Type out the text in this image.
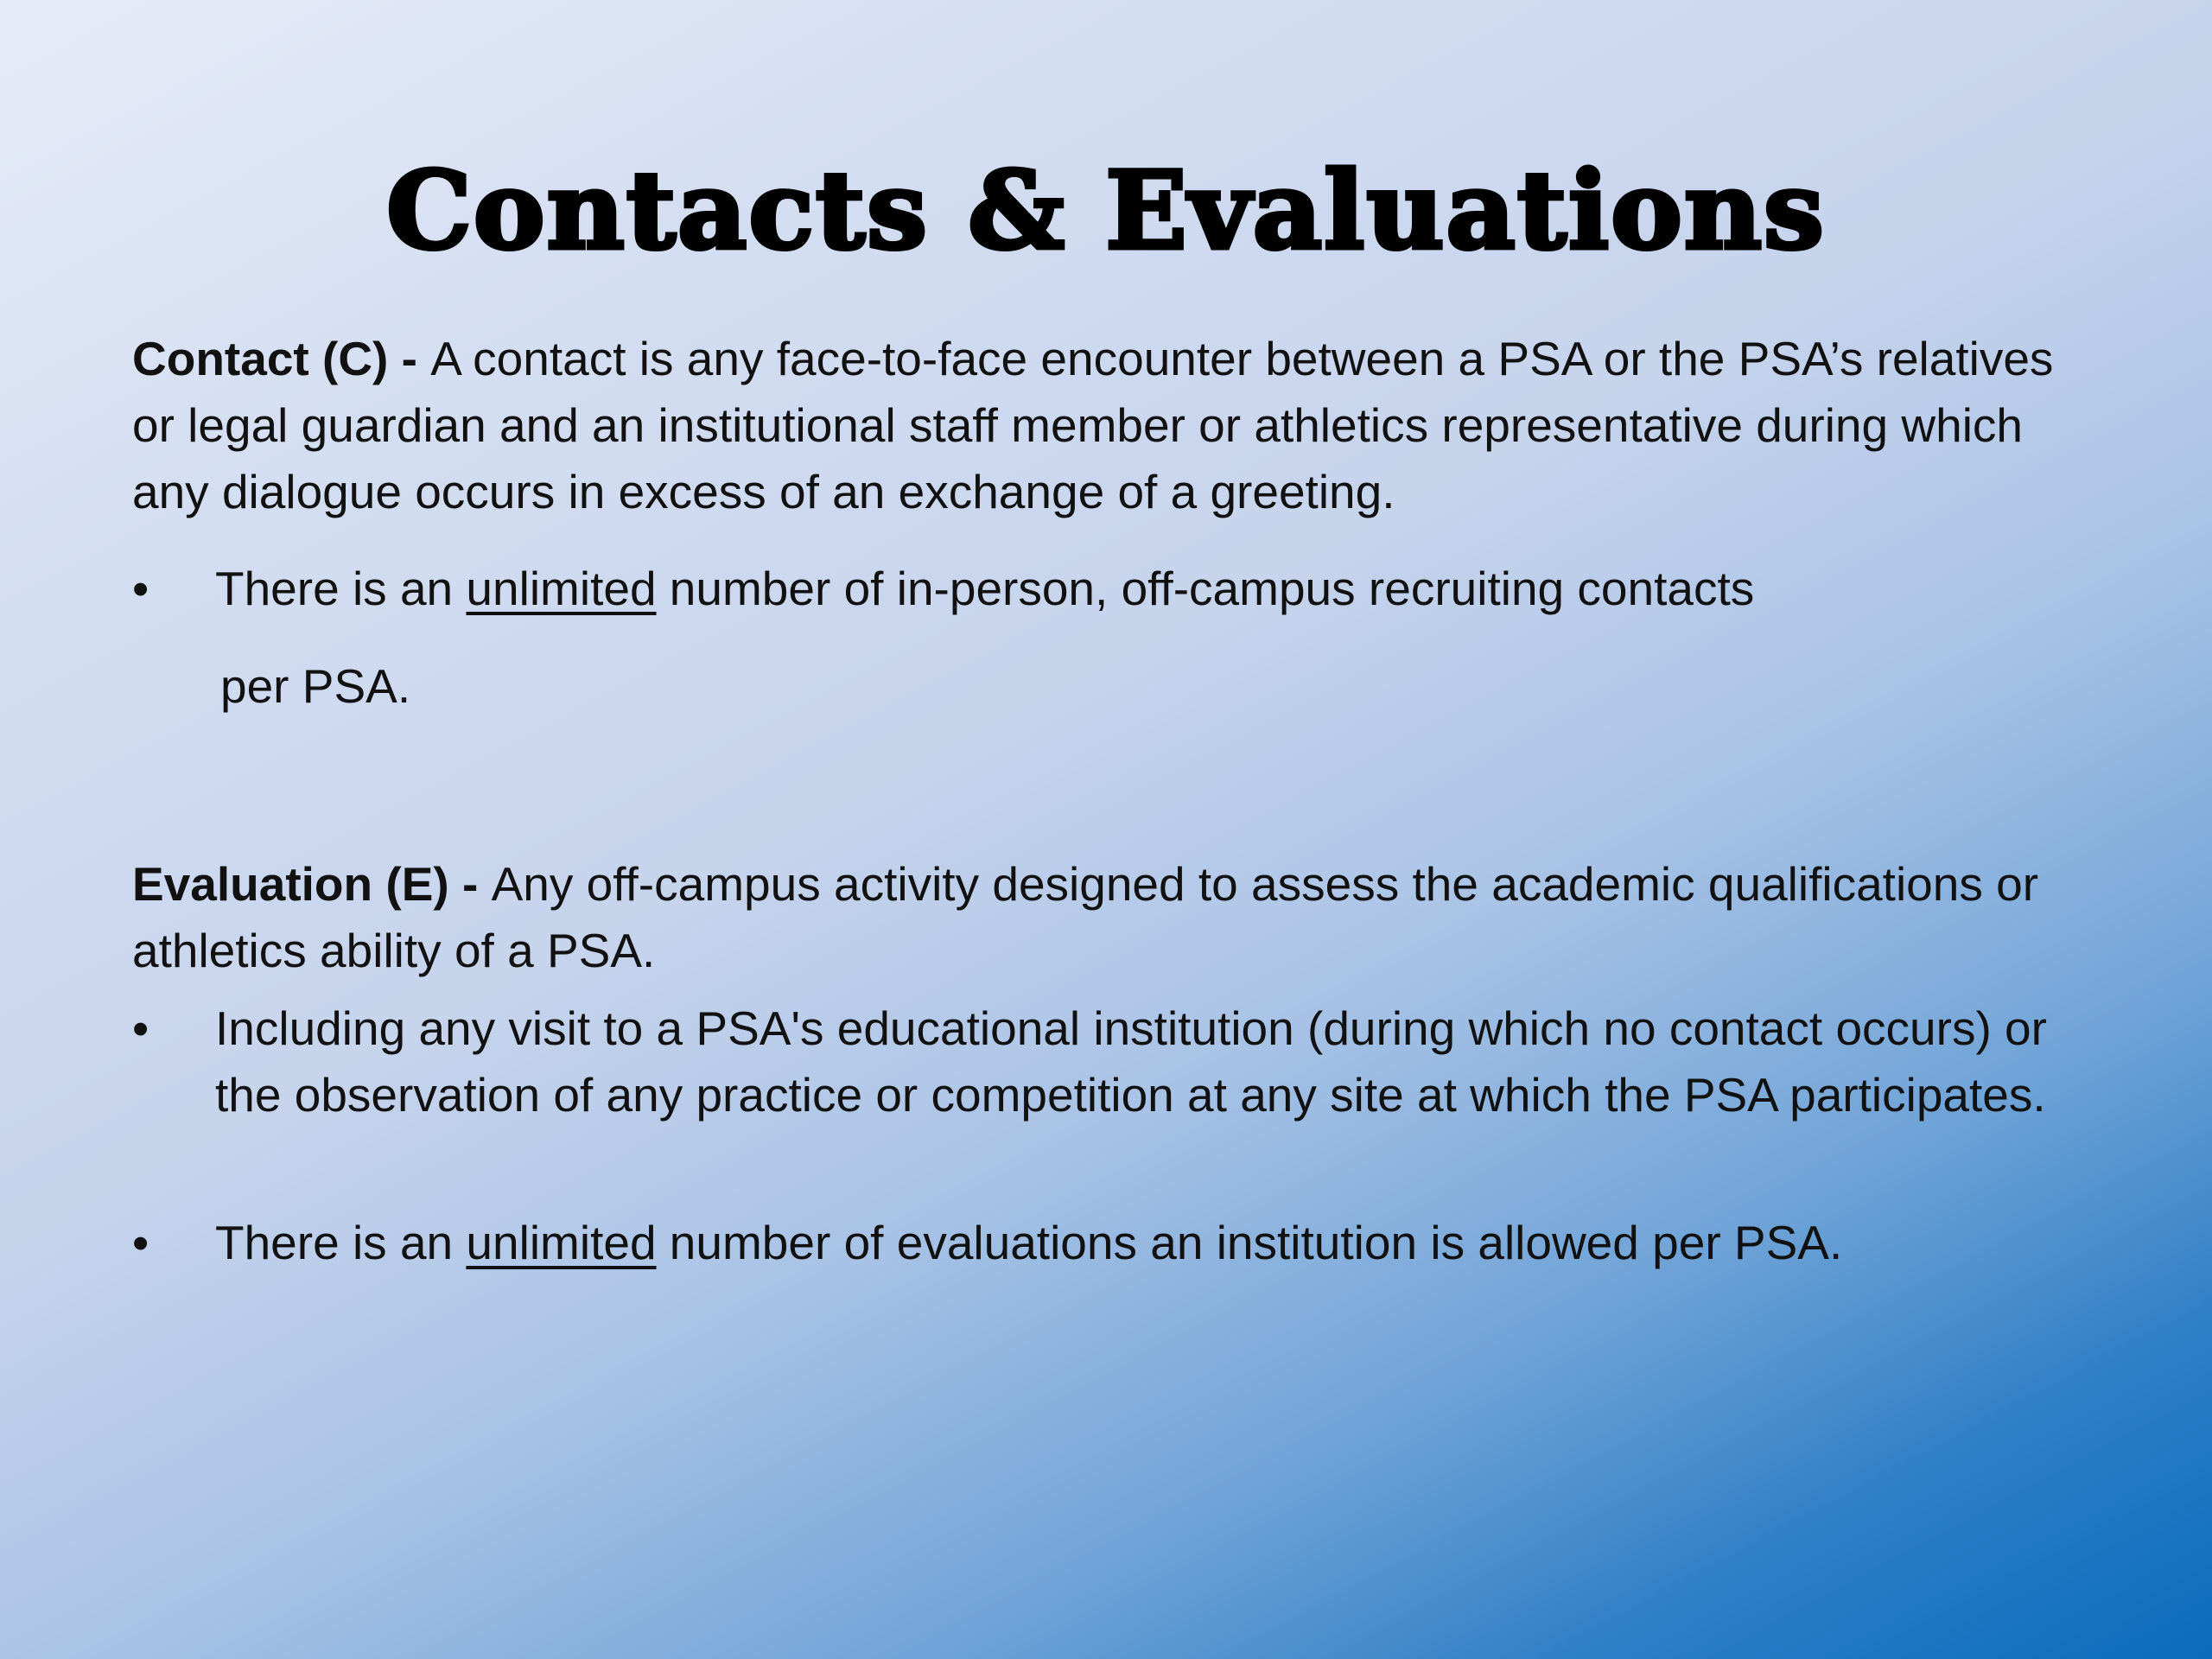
Contacts & Evaluations
Contact (C) - A contact is any face-to-face encounter between a PSA or the PSA’s relatives or legal guardian and an institutional staff member or athletics representative during which any dialogue occurs in excess of an exchange of a greeting.
•	There is an unlimited number of in-person, off-campus recruiting contacts
per PSA.
Evaluation (E) - Any off-campus activity designed to assess the academic qualifications or athletics ability of a PSA.
•	Including any visit to a PSA's educational institution (during which no contact occurs) or the observation of any practice or competition at any site at which the PSA participates.
•	There is an unlimited number of evaluations an institution is allowed per PSA.
